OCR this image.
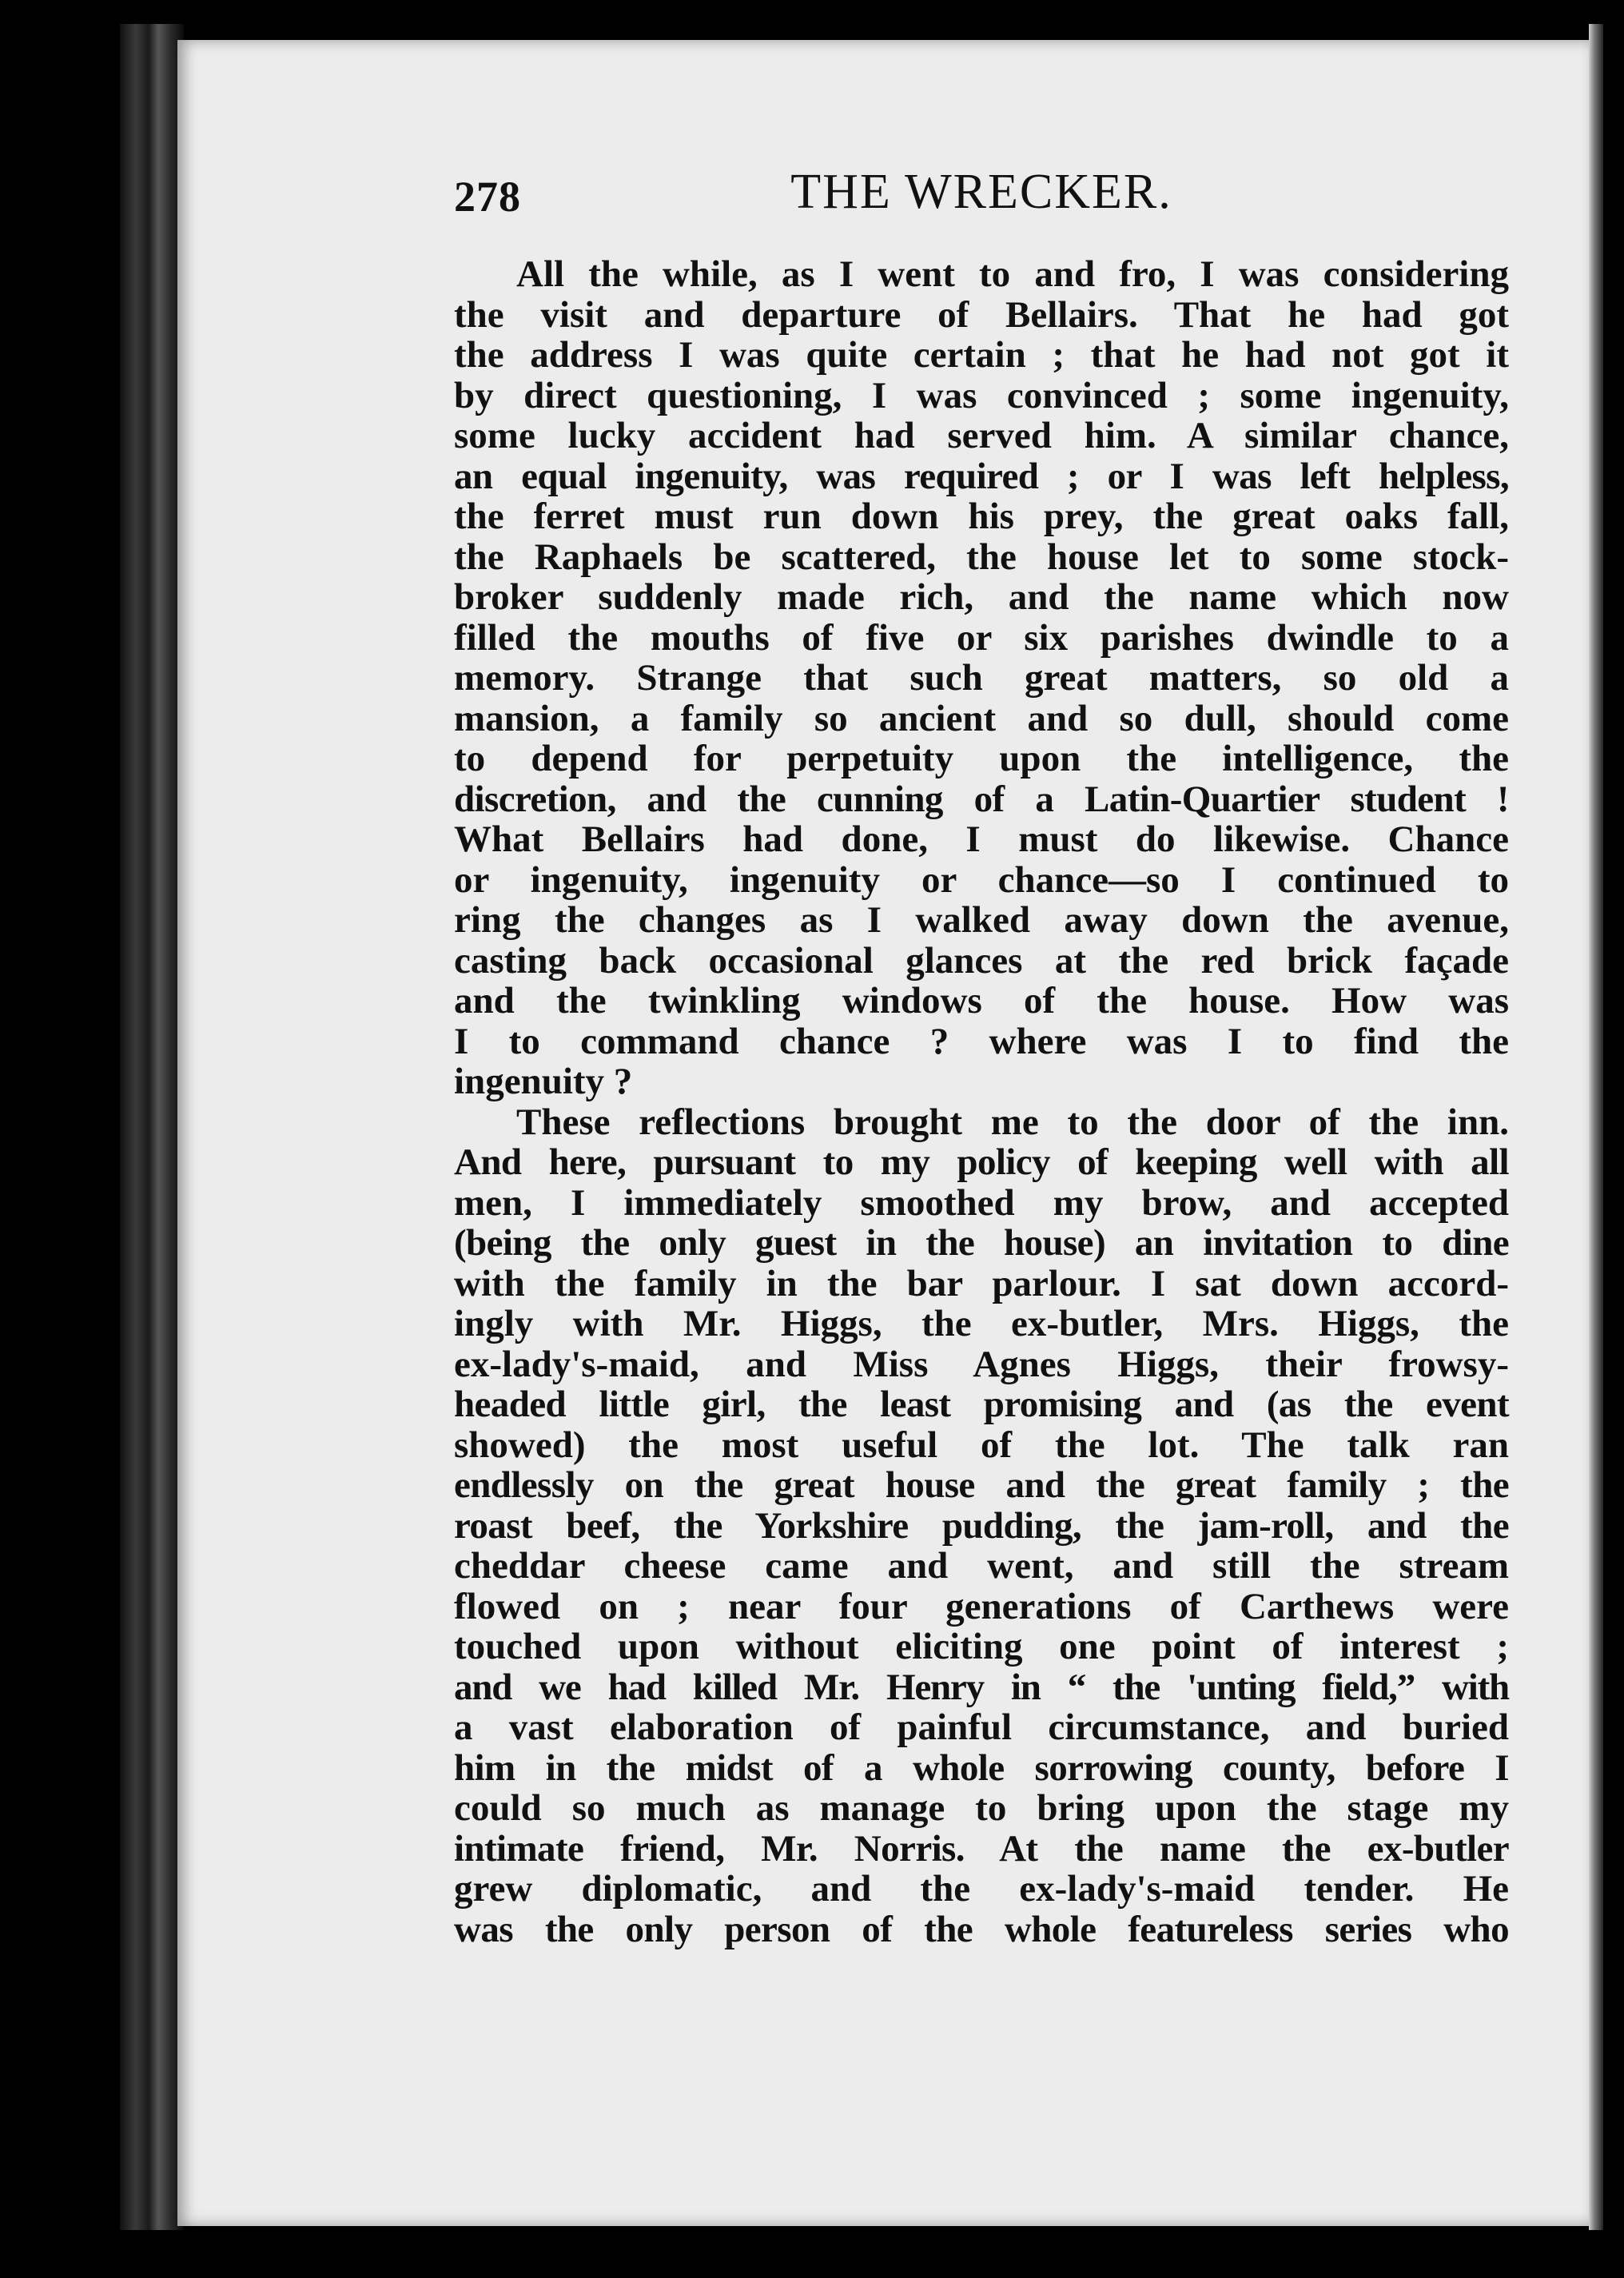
278	THE WRECKER.
All the while, as I went to and fro, I was considering
the visit and departure of Bellairs. That he had got
the address I was quite certain ; that he had not got it
by direct questioning, I was convinced ; some ingenuity,
some lucky accident had served him. A similar chance,
an equal ingenuity, was required ; or I was left helpless,
the ferret must run down his prey, the great oaks fall,
the Raphaels be scattered, the house let to some stock-
broker suddenly made rich, and the name which now
filled the mouths of five or six parishes dwindle to a
memory. Strange that such great matters, so old a
mansion, a family so ancient and so dull, should come
to depend for perpetuity upon the intelligence, the
discretion, and the cunning of a Latin-Quartier student !
What Bellairs had done, I must do likewise. Chance
or ingenuity, ingenuity or chance—so I continued to
ring the changes as I walked away down the avenue,
casting back occasional glances at the red brick façade
and the twinkling windows of the house. How was
I to command chance ? where was I to find the
ingenuity ?
These reflections brought me to the door of the inn.
And here, pursuant to my policy of keeping well with all
men, I immediately smoothed my brow, and accepted
(being the only guest in the house) an invitation to dine
with the family in the bar parlour. I sat down accord-
ingly with Mr. Higgs, the ex-butler, Mrs. Higgs, the
ex-lady's-maid, and Miss Agnes Higgs, their frowsy-
headed little girl, the least promising and (as the event
showed) the most useful of the lot. The talk ran
endlessly on the great house and the great family ; the
roast beef, the Yorkshire pudding, the jam-roll, and the
cheddar cheese came and went, and still the stream
flowed on ; near four generations of Carthews were
touched upon without eliciting one point of interest ;
and we had killed Mr. Henry in “ the 'unting field,” with
a vast elaboration of painful circumstance, and buried
him in the midst of a whole sorrowing county, before I
could so much as manage to bring upon the stage my
intimate friend, Mr. Norris. At the name the ex-butler
grew diplomatic, and the ex-lady's-maid tender. He
was the only person of the whole featureless series who
